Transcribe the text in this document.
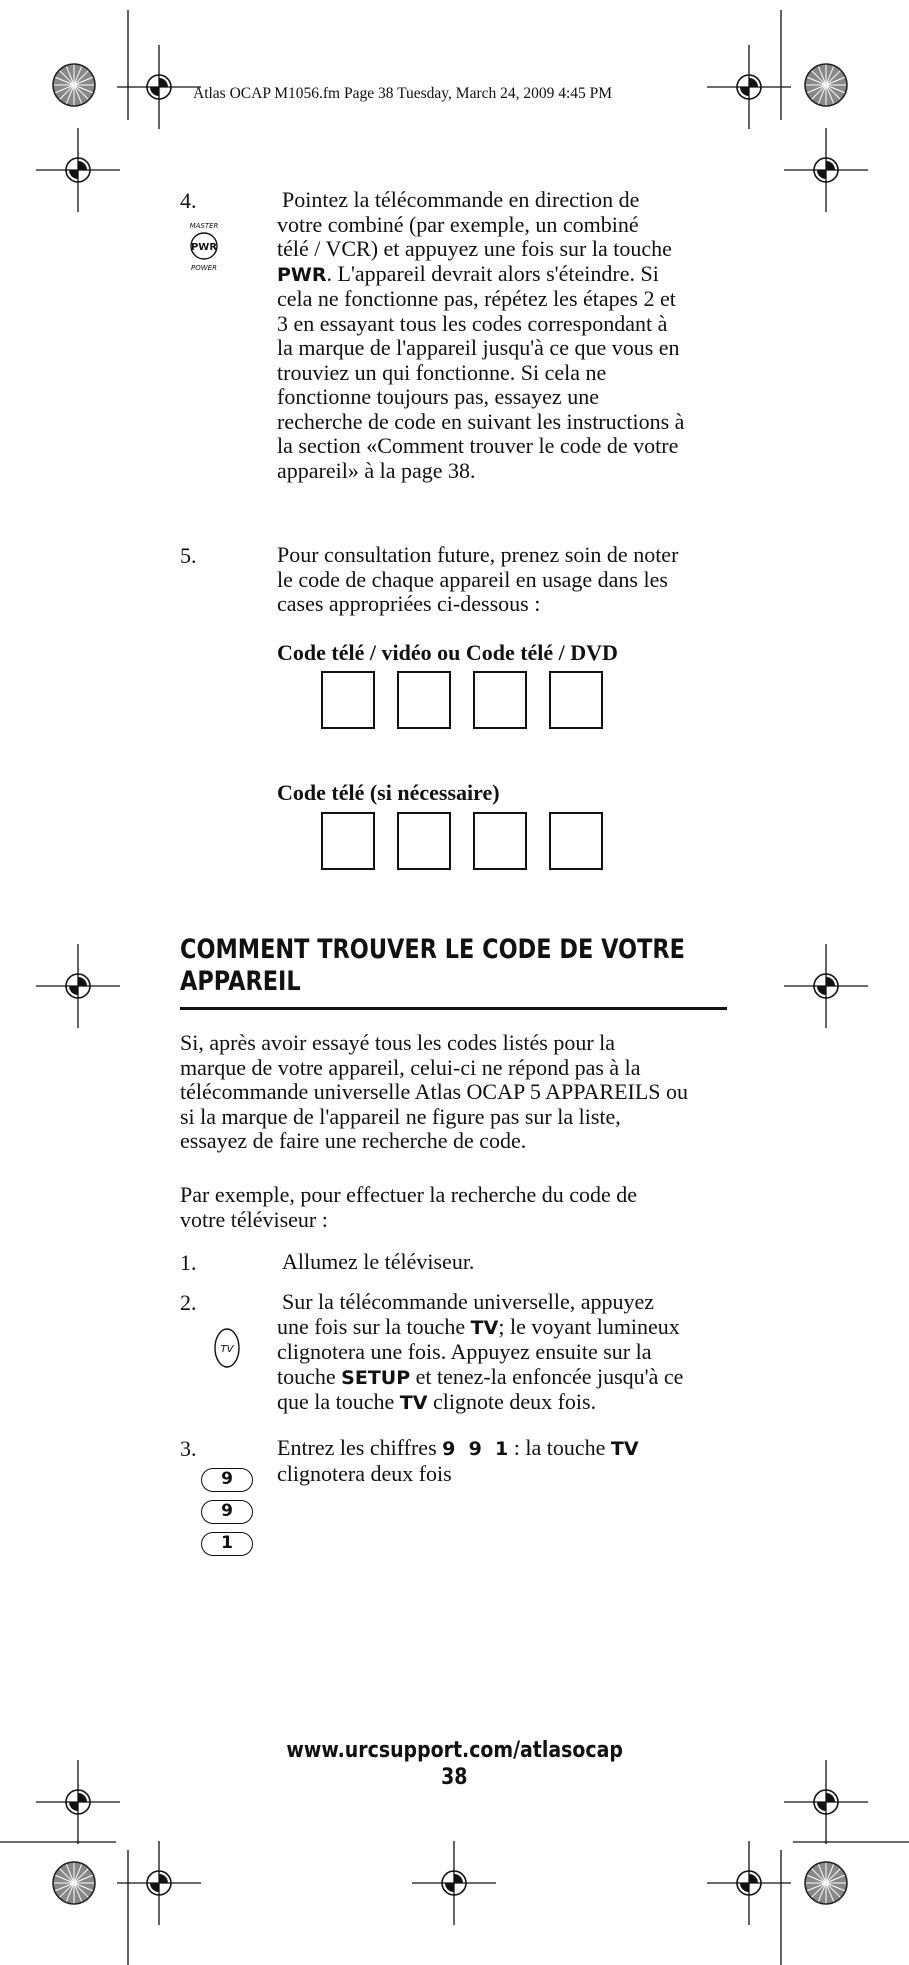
Atlas OCAP M1056.fm Page 38 Tuesday, March 24, 2009 4:45 PM
4.
PWR
MASTER
POWER
Pointez la télécommande en direction de
votre combiné (par exemple, un combiné
télé / VCR) et appuyez une fois sur la touche
PWR. L'appareil devrait alors s'éteindre. Si
cela ne fonctionne pas, répétez les étapes 2 et
3 en essayant tous les codes correspondant à
la marque de l'appareil jusqu'à ce que vous en
trouviez un qui fonctionne. Si cela ne
fonctionne toujours pas, essayez une
recherche de code en suivant les instructions à
la section «Comment trouver le code de votre
appareil» à la page 38.
5.	Pour consultation future, prenez soin de noter
le code de chaque appareil en usage dans les
cases appropriées ci-dessous :
Code télé / vidéo ou Code télé / DVD
Code télé (si nécessaire)
COMMENT TROUVER LE CODE DE VOTRE
APPAREIL
Si, après avoir essayé tous les codes listés pour la
marque de votre appareil, celui-ci ne répond pas à la
télécommande universelle Atlas OCAP 5 APPAREILS ou
si la marque de l'appareil ne figure pas sur la liste,
essayez de faire une recherche de code.
Par exemple, pour effectuer la recherche du code de
votre téléviseur :
1.	Allumez le téléviseur.
2.
TV
Sur la télécommande universelle, appuyez
une fois sur la touche TV; le voyant lumineux
clignotera une fois. Appuyez ensuite sur la
touche SETUP et tenez-la enfoncée jusqu'à ce
que la touche TV clignote deux fois.
3.	Entrez les chiffres 9  9  1 : la touche TV
clignotera deux fois
9
9
1
www.urcsupport.com/atlasocap
38
